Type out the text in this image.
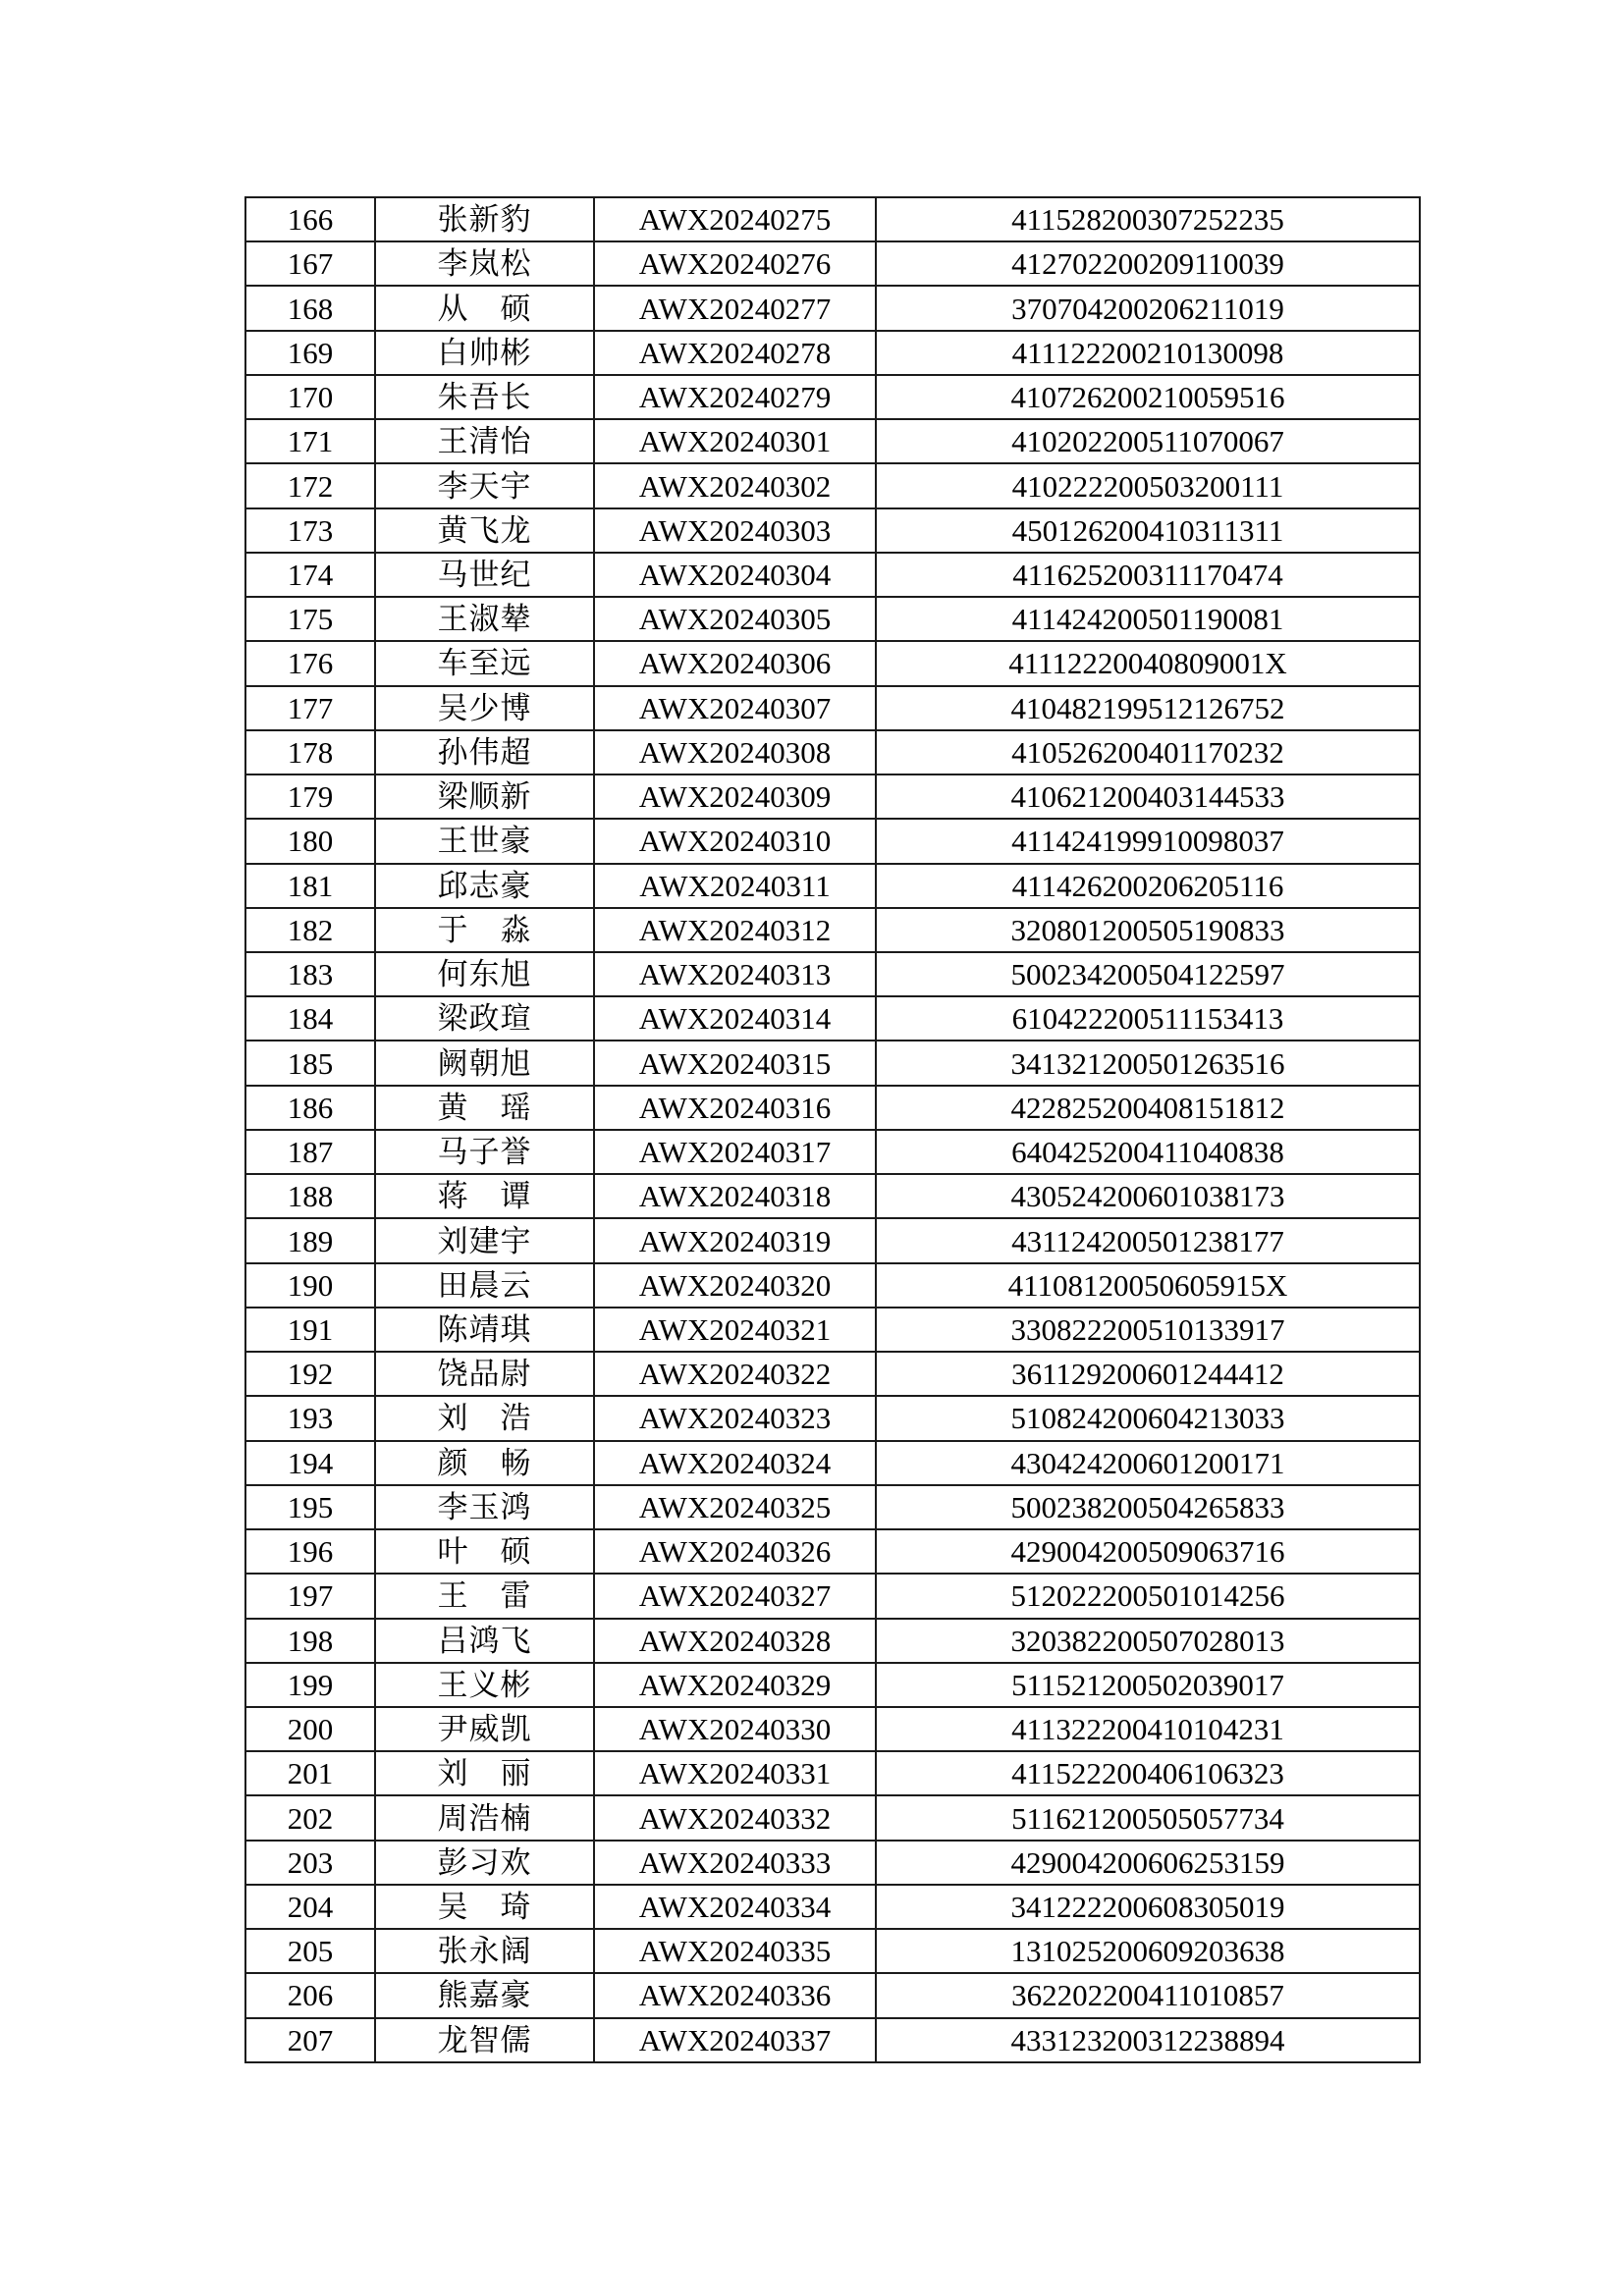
166	张新豹	AWX20240275	411528200307252235
167	李岚松	AWX20240276	412702200209110039
168	从　硕	AWX20240277	370704200206211019
169	白帅彬	AWX20240278	411122200210130098
170	朱吾长	AWX20240279	410726200210059516
171	王清怡	AWX20240301	410202200511070067
172	李天宇	AWX20240302	410222200503200111
173	黄飞龙	AWX20240303	450126200410311311
174	马世纪	AWX20240304	411625200311170474
175	王淑辇	AWX20240305	411424200501190081
176	车至远	AWX20240306	41112220040809001X
177	吴少博	AWX20240307	410482199512126752
178	孙伟超	AWX20240308	410526200401170232
179	梁顺新	AWX20240309	410621200403144533
180	王世豪	AWX20240310	411424199910098037
181	邱志豪	AWX20240311	411426200206205116
182	于　淼	AWX20240312	320801200505190833
183	何东旭	AWX20240313	500234200504122597
184	梁政瑄	AWX20240314	610422200511153413
185	阙朝旭	AWX20240315	341321200501263516
186	黄　瑶	AWX20240316	422825200408151812
187	马子誉	AWX20240317	640425200411040838
188	蒋　谭	AWX20240318	430524200601038173
189	刘建宇	AWX20240319	431124200501238177
190	田晨云	AWX20240320	41108120050605915X
191	陈靖琪	AWX20240321	330822200510133917
192	饶品尉	AWX20240322	361129200601244412
193	刘　浩	AWX20240323	510824200604213033
194	颜　畅	AWX20240324	430424200601200171
195	李玉鸿	AWX20240325	500238200504265833
196	叶　硕	AWX20240326	429004200509063716
197	王　雷	AWX20240327	512022200501014256
198	吕鸿飞	AWX20240328	320382200507028013
199	王义彬	AWX20240329	511521200502039017
200	尹威凯	AWX20240330	411322200410104231
201	刘　丽	AWX20240331	411522200406106323
202	周浩楠	AWX20240332	511621200505057734
203	彭习欢	AWX20240333	429004200606253159
204	吴　琦	AWX20240334	341222200608305019
205	张永阔	AWX20240335	131025200609203638
206	熊嘉豪	AWX20240336	362202200411010857
207	龙智儒	AWX20240337	433123200312238894
